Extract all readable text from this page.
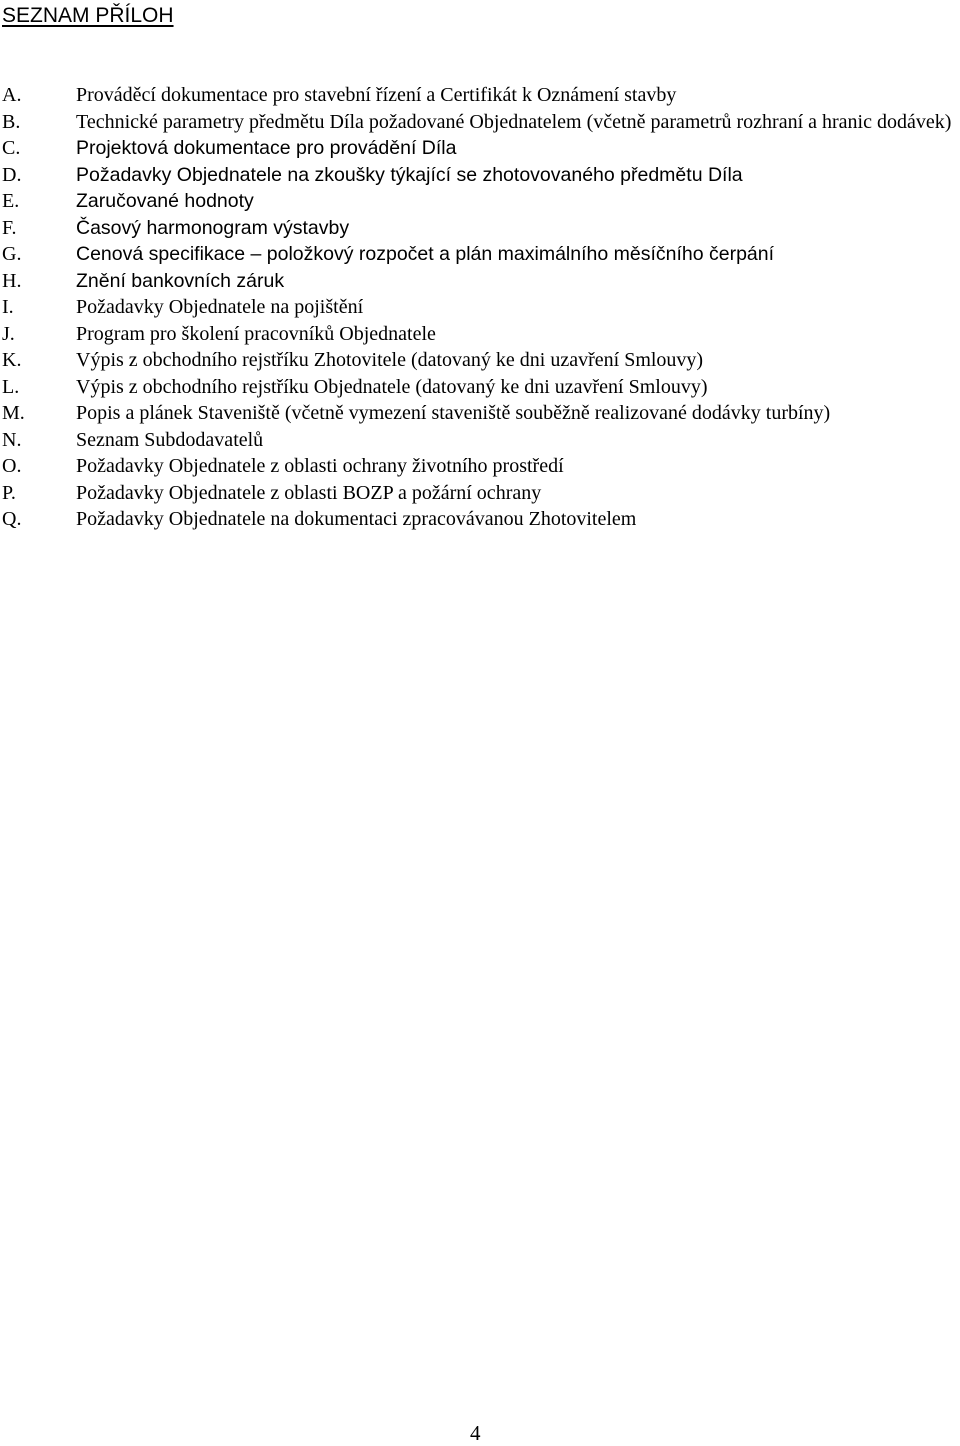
SEZNAM PŘÍLOH
A.	Prováděcí dokumentace pro stavební řízení a Certifikát k Oznámení stavby
B.	Technické parametry předmětu Díla požadované Objednatelem (včetně parametrů rozhraní a hranic dodávek)
C.	Projektová dokumentace pro provádění Díla
D.	Požadavky Objednatele na zkoušky týkající se zhotovovaného předmětu Díla
E.	Zaručované hodnoty
F.	Časový harmonogram výstavby
G.	Cenová specifikace – položkový rozpočet a plán maximálního měsíčního čerpání
H.	Znění bankovních záruk
I.	Požadavky Objednatele na pojištění
J.	Program pro školení pracovníků Objednatele
K.	Výpis z obchodního rejstříku Zhotovitele (datovaný ke dni uzavření Smlouvy)
L.	Výpis z obchodního rejstříku Objednatele (datovaný ke dni uzavření Smlouvy)
M.	Popis a plánek Staveniště (včetně vymezení staveniště souběžně realizované dodávky turbíny)
N.	Seznam Subdodavatelů
O.	Požadavky Objednatele z oblasti ochrany životního prostředí
P.	Požadavky Objednatele z oblasti BOZP a požární ochrany
Q.	Požadavky Objednatele na dokumentaci zpracovávanou Zhotovitelem
4
